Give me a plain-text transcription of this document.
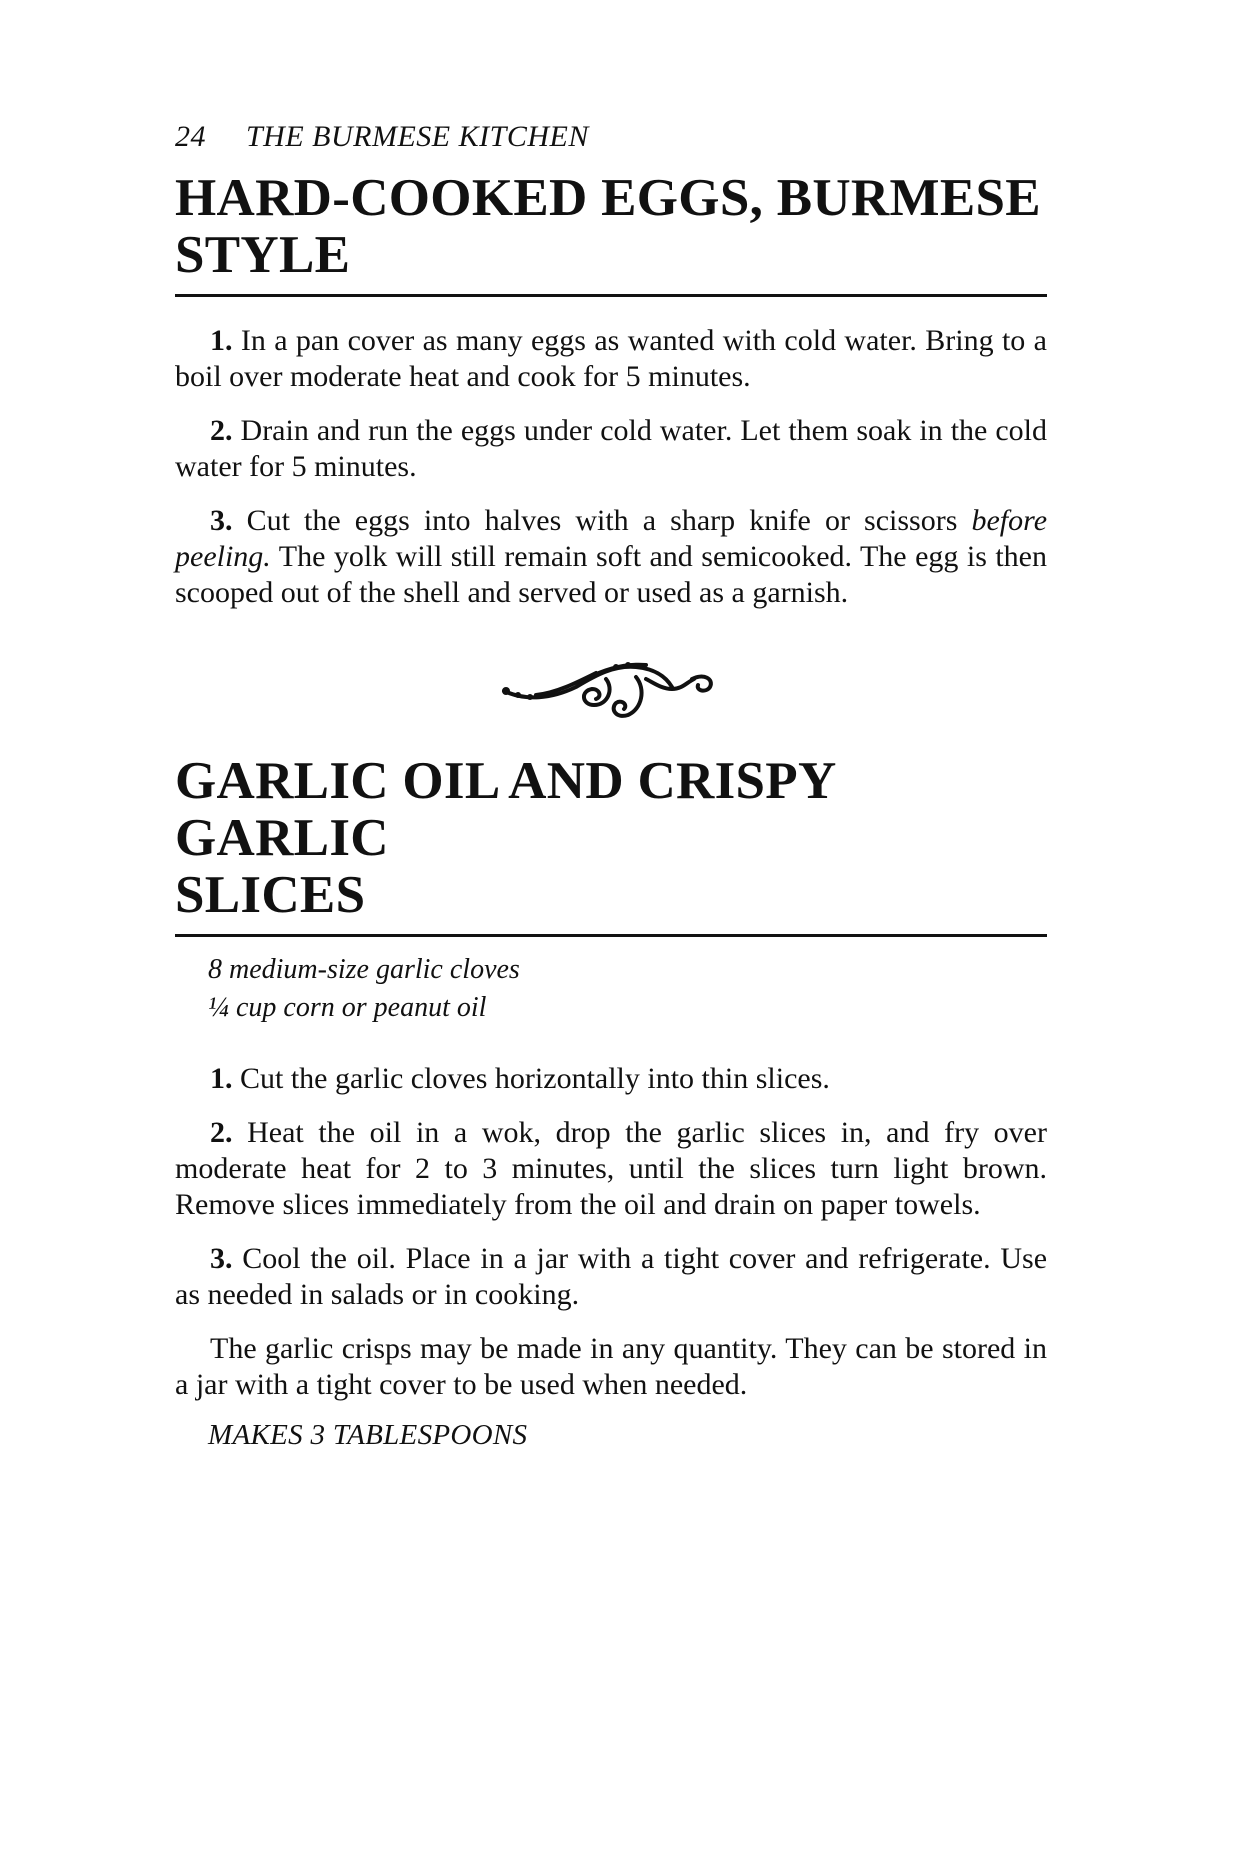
24 THE BURMESE KITCHEN
HARD-COOKED EGGS, BURMESE
STYLE

1. In a pan cover as many eggs as wanted with cold water. Bring to a boil over moderate heat and cook for 5 minutes.

2. Drain and run the eggs under cold water. Let them soak in the cold water for 5 minutes.

3. Cut the eggs into halves with a sharp knife or scissors before peeling. The yolk will still remain soft and semicooked. The egg is then scooped out of the shell and served or used as a garnish.

GARLIC OIL AND CRISPY GARLIC
SLICES
8 medium-size garlic cloves
¼ cup corn or peanut oil

1. Cut the garlic cloves horizontally into thin slices.

2. Heat the oil in a wok, drop the garlic slices in, and fry over moderate heat for 2 to 3 minutes, until the slices turn light brown. Remove slices immediately from the oil and drain on paper towels.

3. Cool the oil. Place in a jar with a tight cover and refrigerate. Use as needed in salads or in cooking.

The garlic crisps may be made in any quantity. They can be stored in a jar with a tight cover to be used when needed.

MAKES 3 TABLESPOONS
